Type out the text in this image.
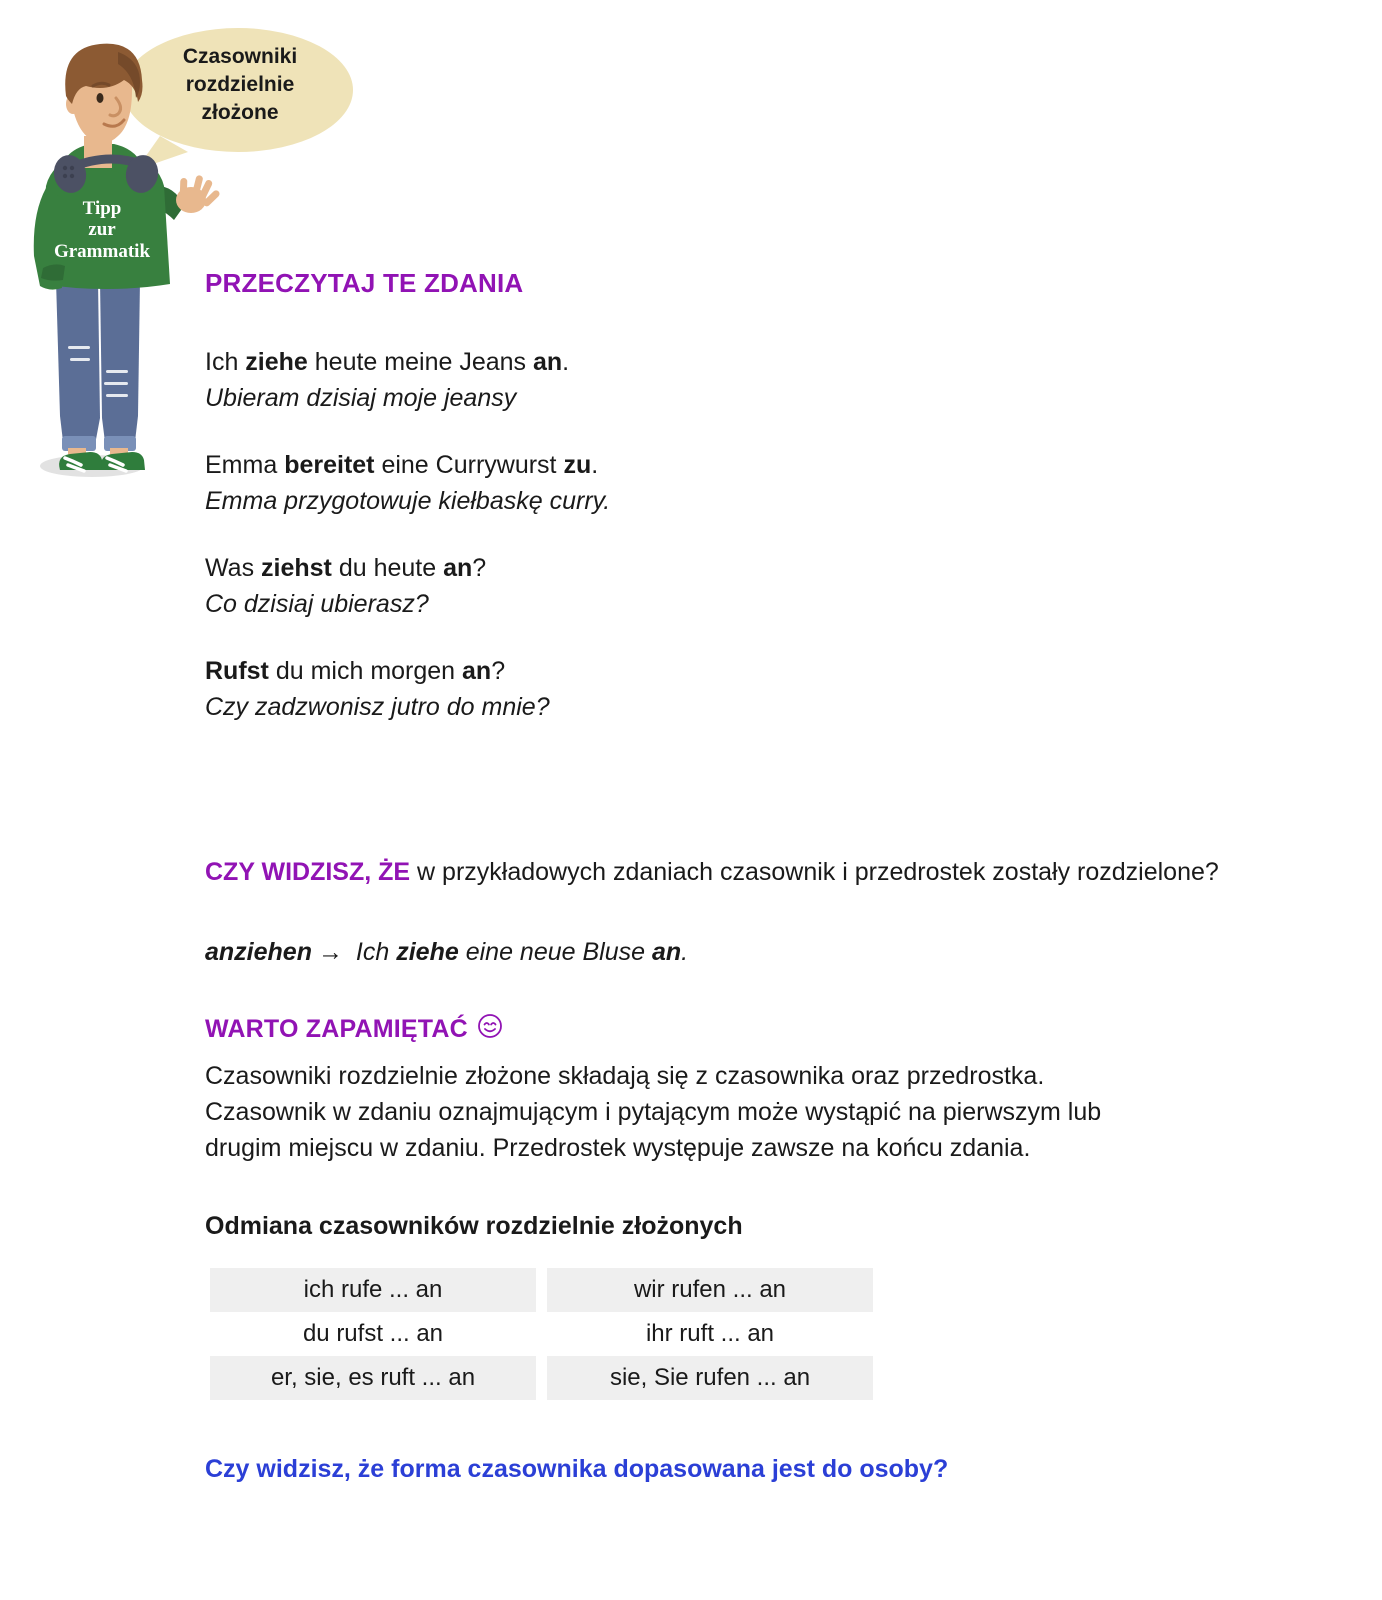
Tipp
zur
Grammatik
Czasowniki
rozdzielnie
złożone
PRZECZYTAJ TE ZDANIA
Ich ziehe heute meine Jeans an.
Ubieram dzisiaj moje jeansy
Emma bereitet eine Currywurst zu.
Emma przygotowuje kiełbaskę curry.
Was ziehst du heute an?
Co dzisiaj ubierasz?
Rufst du mich morgen an?
Czy zadzwonisz jutro do mnie?
CZY WIDZISZ, ŻE w przykładowych zdaniach czasownik i przedrostek zostały rozdzielone?
anziehen → Ich ziehe eine neue Bluse an.
WARTO ZAPAMIĘTAĆ

Czasowniki rozdzielnie złożone składają się z czasownika oraz przedrostka.

Czasownik w zdaniu oznajmującym i pytającym może wystąpić na pierwszym lub

drugim miejscu w zdaniu. Przedrostek występuje zawsze na końcu zdania.

Odmiana czasowników rozdzielnie złożonych
ich rufe ... an	wir rufen ... an
du rufst ... an	ihr ruft ... an
er, sie, es ruft ... an	sie, Sie rufen ... an
Czy widzisz, że forma czasownika dopasowana jest do osoby?
